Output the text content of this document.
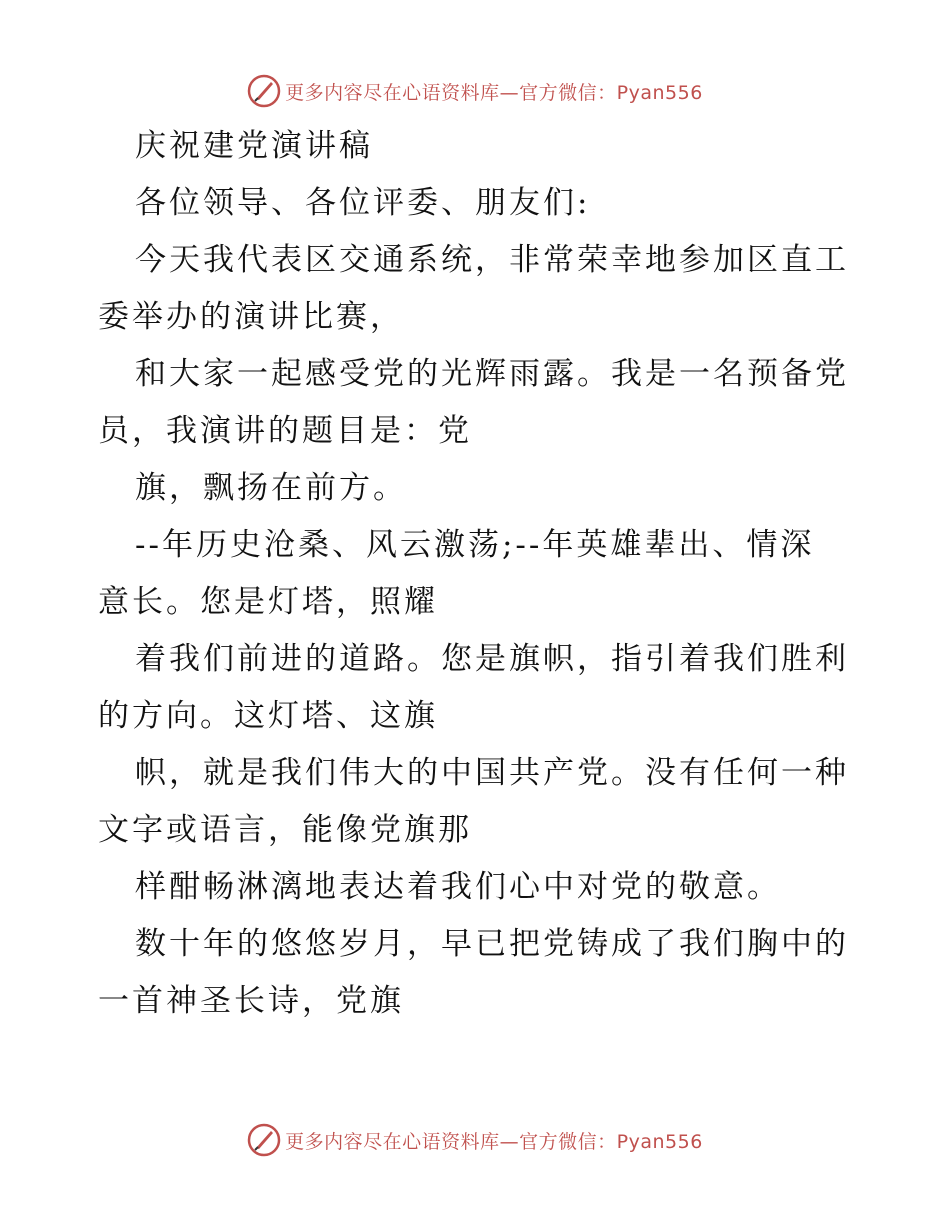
更多内容尽在心语资料库—官方微信：Pyan556
庆祝建党演讲稿
各位领导、各位评委、朋友们:
今天我代表区交通系统，非常荣幸地参加区直工
委举办的演讲比赛，
和大家一起感受党的光辉雨露。我是一名预备党
员，我演讲的题目是：党
旗，飘扬在前方。
--年历史沧桑、风云激荡;--年英雄辈出、情深
意长。您是灯塔，照耀
着我们前进的道路。您是旗帜，指引着我们胜利
的方向。这灯塔、这旗
帜，就是我们伟大的中国共产党。没有任何一种
文字或语言，能像党旗那
样酣畅淋漓地表达着我们心中对党的敬意。
数十年的悠悠岁月，早已把党铸成了我们胸中的
一首神圣长诗，党旗
更多内容尽在心语资料库—官方微信：Pyan556
